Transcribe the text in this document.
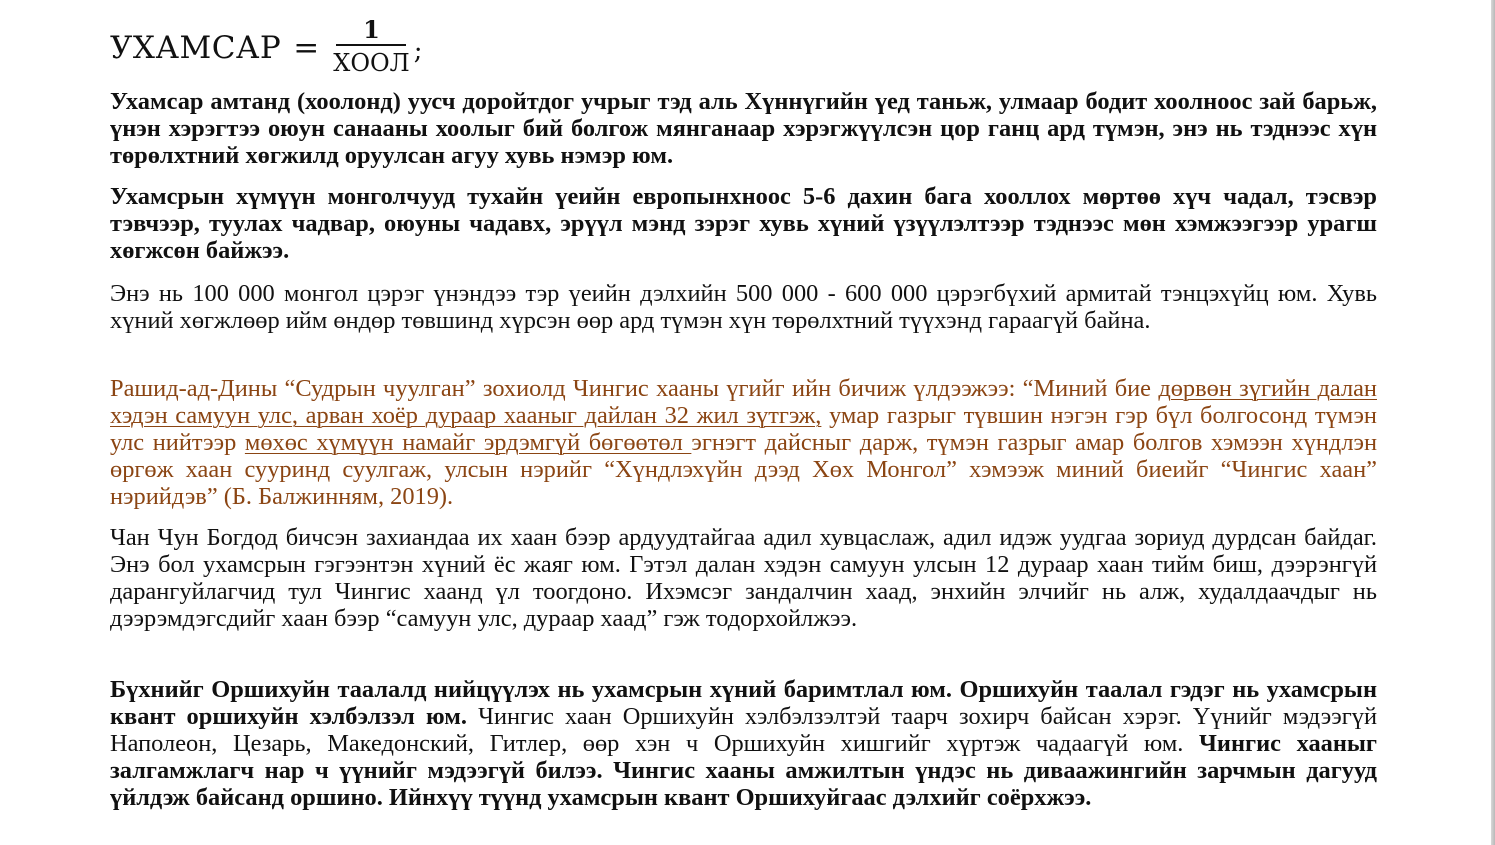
УХАМСАР = $\frac{1}{\text{ХООЛ}}$ ;

Ухамсар амтанд (хоолонд) уусч доройтдог учрыг тэд аль Хүннүгийн үед таньж, улмаар бодит хоолноос зай барьж, үнэн хэрэгтээ оюун санааны хоолыг бий болгож мянганаар хэрэгжүүлсэн цор ганц ард түмэн, энэ нь тэднээс хүн төрөлхтний хөгжилд оруулсан агуу хувь нэмэр юм.

Ухамсрын хүмүүн монголчууд тухайн үеийн европынхноос 5-6 дахин бага хооллох мөртөө хүч чадал, тэсвэр тэвчээр, туулах чадвар, оюуны чадавх, эрүүл мэнд зэрэг хувь хүний үзүүлэлтээр тэднээс мөн хэмжээгээр урагш хөгжсөн байжээ.

Энэ нь 100 000 монгол цэрэг үнэндээ тэр үеийн дэлхийн 500 000 - 600 000 цэрэгбүхий армитай тэнцэхүйц юм. Хувь хүний хөгжлөөр ийм өндөр төвшинд хүрсэн өөр ард түмэн хүн төрөлхтний түүхэнд гараагүй байна.

Рашид-ад-Дины “Судрын чуулган” зохиолд Чингис хааны үгийг ийн бичиж үлдээжээ: “Миний бие дөрвөн зүгийн далан хэдэн самуун улс, арван хоёр дураар хааныг дайлан 32 жил зүтгэж, умар газрыг түвшин нэгэн гэр бүл болгосонд түмэн улс нийтээр мөхөс хүмүүн намайг эрдэмгүй бөгөөтөл эгнэгт дайсныг дарж, түмэн газрыг амар болгов хэмээн хүндлэн өргөж хаан сууринд суулгаж, улсын нэрийг “Хүндлэхүйн дээд Хөх Монгол” хэмээж миний биеийг “Чингис хаан” нэрийдэв” (Б. Балжинням, 2019).

Чан Чун Богдод бичсэн захиандаа их хаан бээр ардуудтайгаа адил хувцаслаж, адил идэж уудгаа зориуд дурдсан байдаг. Энэ бол ухамсрын гэгээнтэн хүний ёс жаяг юм. Гэтэл далан хэдэн самуун улсын 12 дураар хаан тийм биш, дээрэнгүй дарангуйлагчид тул Чингис хаанд үл тоогдоно. Ихэмсэг зандалчин хаад, энхийн элчийг нь алж, худалдаачдыг нь дээрэмдэгсдийг хаан бээр “самуун улс, дураар хаад” гэж тодорхойлжээ.

Бүхнийг Оршихуйн таалалд нийцүүлэх нь ухамсрын хүний баримтлал юм. Оршихуйн таалал гэдэг нь ухамсрын квант оршихуйн хэлбэлзэл юм. Чингис хаан Оршихуйн хэлбэлзэлтэй таарч зохирч байсан хэрэг. Үүнийг мэдээгүй Наполеон, Цезарь, Македонский, Гитлер, өөр хэн ч Оршихуйн хишгийг хүртэж чадаагүй юм. Чингис хааныг залгамжлагч нар ч үүнийг мэдээгүй билээ. Чингис хааны амжилтын үндэс нь диваажингийн зарчмын дагууд үйлдэж байсанд оршино. Ийнхүү түүнд ухамсрын квант Оршихуйгаас дэлхийг соёрхжээ.
